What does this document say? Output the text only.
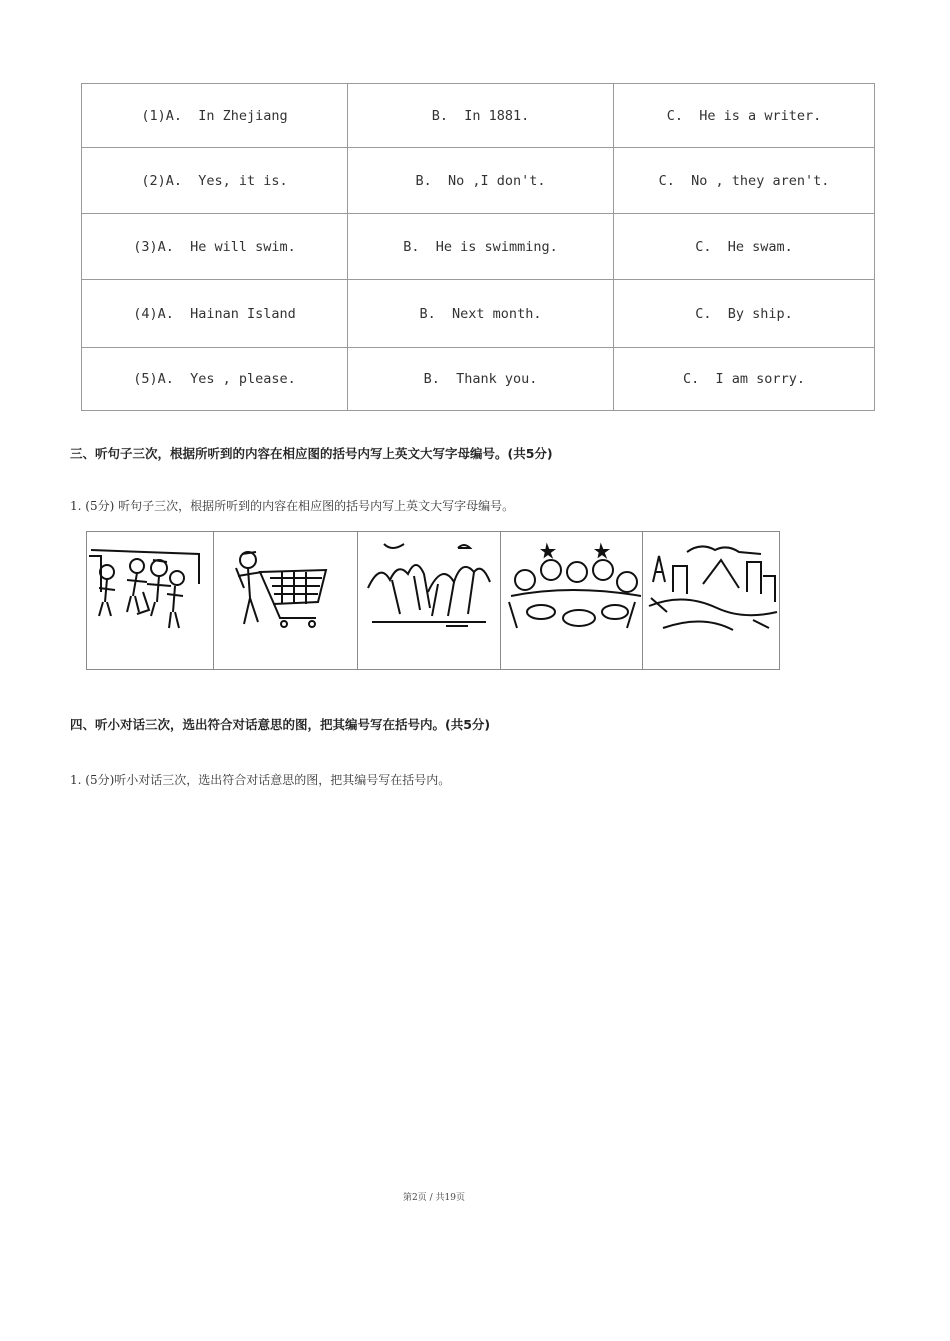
(1)A.  In Zhejiang	B.  In 1881.	C.  He is a writer.
(2)A.  Yes, it is.	B.  No ,I don't.	C.  No , they aren't.
(3)A.  He will swim.	B.  He is swimming.	C.  He swam.
(4)A.  Hainan Island	B.  Next month.	C.  By ship.
(5)A.  Yes , please.	B.  Thank you.	C.  I am sorry.
三、听句子三次，根据所听到的内容在相应图的括号内写上英文大写字母编号。(共5分)
1. (5分) 听句子三次，根据所听到的内容在相应图的括号内写上英文大写字母编号。
四、听小对话三次，选出符合对话意思的图，把其编号写在括号内。(共5分)
1. (5分)听小对话三次，选出符合对话意思的图，把其编号写在括号内。
第2页 / 共19页
